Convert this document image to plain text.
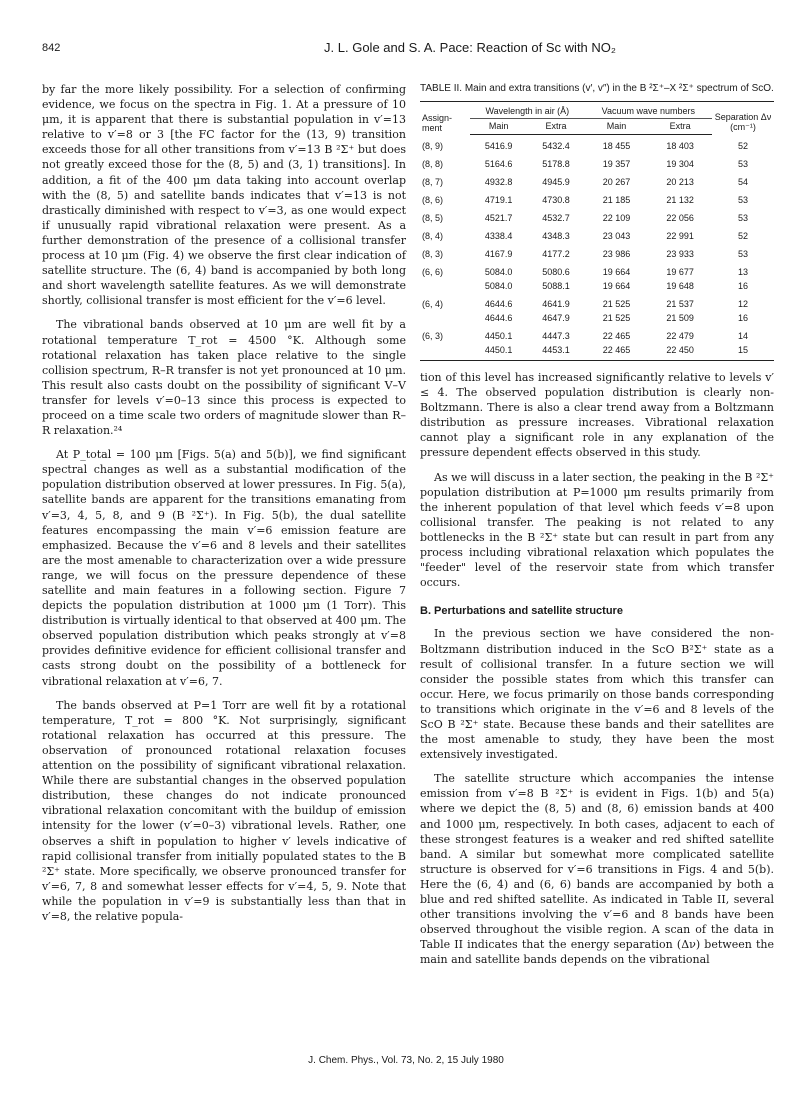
842	J. L. Gole and S. A. Pace: Reaction of Sc with NO₂

by far the more likely possibility. For a selection of confirming evidence, we focus on the spectra in Fig. 1. At a pressure of 10 μm, it is apparent that there is substantial population in v′=13 relative to v′=8 or 3 [the FC factor for the (13, 9) transition exceeds those for all other transitions from v′=13 B ²Σ⁺ but does not greatly exceed those for the (8, 5) and (3, 1) transitions]. In addition, a fit of the 400 μm data taking into account overlap with the (8, 5) and satellite bands indicates that v′=13 is not drastically diminished with respect to v′=3, as one would expect if unusually rapid vibrational relaxation were present. As a further demonstration of the presence of a collisional transfer process at 10 μm (Fig. 4) we observe the first clear indication of satellite structure. The (6, 4) band is accompanied by both long and short wavelength satellite features. As we will demonstrate shortly, collisional transfer is most efficient for the v′=6 level.

The vibrational bands observed at 10 μm are well fit by a rotational temperature T_rot = 4500 °K. Although some rotational relaxation has taken place relative to the single collision spectrum, R–R transfer is not yet pronounced at 10 μm. This result also casts doubt on the possibility of significant V–V transfer for levels v′=0–13 since this process is expected to proceed on a time scale two orders of magnitude slower than R–R relaxation.²⁴

At P_total = 100 μm [Figs. 5(a) and 5(b)], we find significant spectral changes as well as a substantial modification of the population distribution observed at lower pressures. In Fig. 5(a), satellite bands are apparent for the transitions emanating from v′=3, 4, 5, 8, and 9 (B ²Σ⁺). In Fig. 5(b), the dual satellite features encompassing the main v′=6 emission feature are emphasized. Because the v′=6 and 8 levels and their satellites are the most amenable to characterization over a wide pressure range, we will focus on the pressure dependence of these satellite and main features in a following section. Figure 7 depicts the population distribution at 1000 μm (1 Torr). This distribution is virtually identical to that observed at 400 μm. The observed population distribution which peaks strongly at v′=8 provides definitive evidence for efficient collisional transfer and casts strong doubt on the possibility of a bottleneck for vibrational relaxation at v′=6, 7.

The bands observed at P=1 Torr are well fit by a rotational temperature, T_rot = 800 °K. Not surprisingly, significant rotational relaxation has occurred at this pressure. The observation of pronounced rotational relaxation focuses attention on the possibility of significant vibrational relaxation. While there are substantial changes in the observed population distribution, these changes do not indicate pronounced vibrational relaxation concomitant with the buildup of emission intensity for the lower (v′=0–3) vibrational levels. Rather, one observes a shift in population to higher v′ levels indicative of rapid collisional transfer from initially populated states to the B ²Σ⁺ state. More specifically, we observe pronounced transfer for v′=6, 7, 8 and somewhat lesser effects for v′=4, 5, 9. Note that while the population in v′=9 is substantially less than that in v′=8, the relative popula-

TABLE II. Main and extra transitions (v′, v″) in the B ²Σ⁺–X ²Σ⁺ spectrum of ScO.
Assign-ment	Wavelength in air (Å)		Vacuum wave numbers		Separation Δν (cm⁻¹)
	Main	Extra	Main	Extra	
(8, 9)	5416.9	5432.4	18 455	18 403	52
(8, 8)	5164.6	5178.8	19 357	19 304	53
(8, 7)	4932.8	4945.9	20 267	20 213	54
(8, 6)	4719.1	4730.8	21 185	21 132	53
(8, 5)	4521.7	4532.7	22 109	22 056	53
(8, 4)	4338.4	4348.3	23 043	22 991	52
(8, 3)	4167.9	4177.2	23 986	23 933	53
(6, 6)	5084.0	5080.6	19 664	19 677	13
	5084.0	5088.1	19 664	19 648	16
(6, 4)	4644.6	4641.9	21 525	21 537	12
	4644.6	4647.9	21 525	21 509	16
(6, 3)	4450.1	4447.3	22 465	22 479	14
	4450.1	4453.1	22 465	22 450	15

tion of this level has increased significantly relative to levels v′ ≤ 4. The observed population distribution is clearly non-Boltzmann. There is also a clear trend away from a Boltzmann distribution as pressure increases. Vibrational relaxation cannot play a significant role in any explanation of the pressure dependent effects observed in this study.

As we will discuss in a later section, the peaking in the B ²Σ⁺ population distribution at P=1000 μm results primarily from the inherent population of that level which feeds v′=8 upon collisional transfer. The peaking is not related to any bottlenecks in the B ²Σ⁺ state but can result in part from any process including vibrational relaxation which populates the "feeder" level of the reservoir state from which transfer occurs.

B. Perturbations and satellite structure

In the previous section we have considered the non-Boltzmann distribution induced in the ScO B²Σ⁺ state as a result of collisional transfer. In a future section we will consider the possible states from which this transfer can occur. Here, we focus primarily on those bands corresponding to transitions which originate in the v′=6 and 8 levels of the ScO B ²Σ⁺ state. Because these bands and their satellites are the most amenable to study, they have been the most extensively investigated.

The satellite structure which accompanies the intense emission from v′=8 B ²Σ⁺ is evident in Figs. 1(b) and 5(a) where we depict the (8, 5) and (8, 6) emission bands at 400 and 1000 μm, respectively. In both cases, adjacent to each of these strongest features is a weaker and red shifted satellite band. A similar but somewhat more complicated satellite structure is observed for v′=6 transitions in Figs. 4 and 5(b). Here the (6, 4) and (6, 6) bands are accompanied by both a blue and red shifted satellite. As indicated in Table II, several other transitions involving the v′=6 and 8 bands have been observed throughout the visible region. A scan of the data in Table II indicates that the energy separation (Δν) between the main and satellite bands depends on the vibrational

J. Chem. Phys., Vol. 73, No. 2, 15 July 1980
